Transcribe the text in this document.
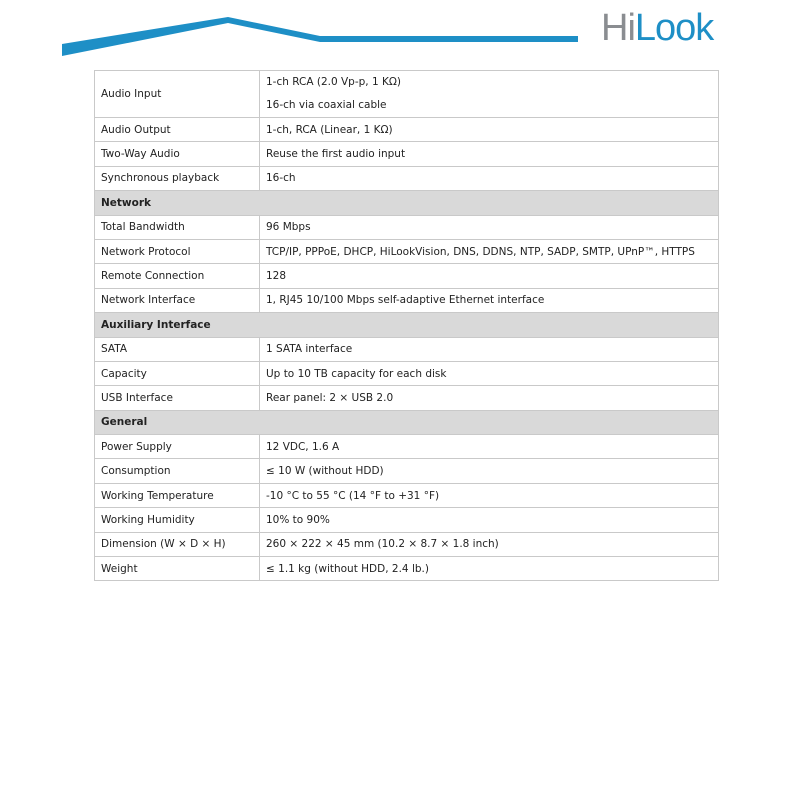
HiLook
Audio Input	1-ch RCA (2.0 Vp-p, 1 KΩ)
16-ch via coaxial cable

Audio Output	1-ch, RCA (Linear, 1 KΩ)
Two-Way Audio	Reuse the first audio input
Synchronous playback	16-ch
Network	
Total Bandwidth	96 Mbps
Network Protocol	TCP/IP, PPPoE, DHCP, HiLookVision, DNS, DDNS, NTP, SADP, SMTP, UPnP™, HTTPS
Remote Connection	128
Network Interface	1, RJ45 10/100 Mbps self-adaptive Ethernet interface
Auxiliary Interface	
SATA	1 SATA interface
Capacity	Up to 10 TB capacity for each disk
USB Interface	Rear panel: 2 × USB 2.0
General	
Power Supply	12 VDC, 1.6 A
Consumption	≤ 10 W (without HDD)
Working Temperature	-10 °C to 55 °C (14 °F to +31 °F)
Working Humidity	10% to 90%
Dimension (W × D × H)	260 × 222 × 45 mm (10.2 × 8.7 × 1.8 inch)
Weight	≤ 1.1 kg (without HDD, 2.4 lb.)
